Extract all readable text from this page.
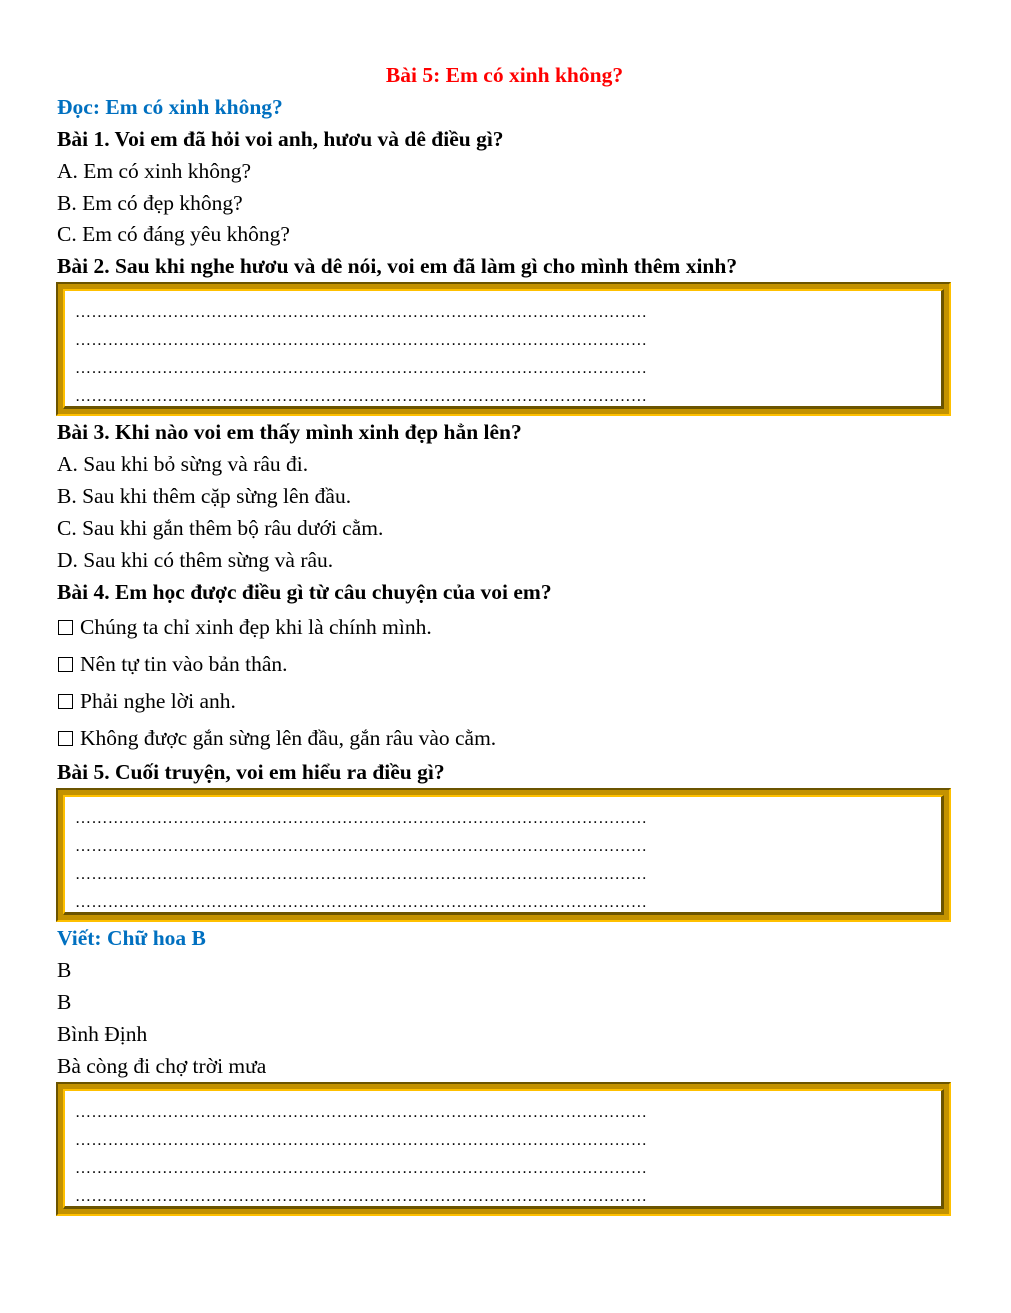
Bài 5: Em có xinh không?
Đọc: Em có xinh không?
Bài 1. Voi em đã hỏi voi anh, hươu và dê điều gì?
A. Em có xinh không?
B. Em có đẹp không?
C. Em có đáng yêu không?
Bài 2. Sau khi nghe hươu và dê nói, voi em đã làm gì cho mình thêm xinh?
……………………………………………………………………………………………
……………………………………………………………………………………………
……………………………………………………………………………………………
……………………………………………………………………………………………
Bài 3. Khi nào voi em thấy mình xinh đẹp hẳn lên?
A. Sau khi bỏ sừng và râu đi.
B. Sau khi thêm cặp sừng lên đầu.
C. Sau khi gắn thêm bộ râu dưới cằm.
D. Sau khi có thêm sừng và râu.
Bài 4. Em học được điều gì từ câu chuyện của voi em?
Chúng ta chỉ xinh đẹp khi là chính mình.
Nên tự tin vào bản thân.
Phải nghe lời anh.
Không được gắn sừng lên đầu, gắn râu vào cằm.
Bài 5. Cuối truyện, voi em hiểu ra điều gì?
……………………………………………………………………………………………
……………………………………………………………………………………………
……………………………………………………………………………………………
……………………………………………………………………………………………
Viết: Chữ hoa B
B
B
Bình Định
Bà còng đi chợ trời mưa
……………………………………………………………………………………………
……………………………………………………………………………………………
……………………………………………………………………………………………
……………………………………………………………………………………………
